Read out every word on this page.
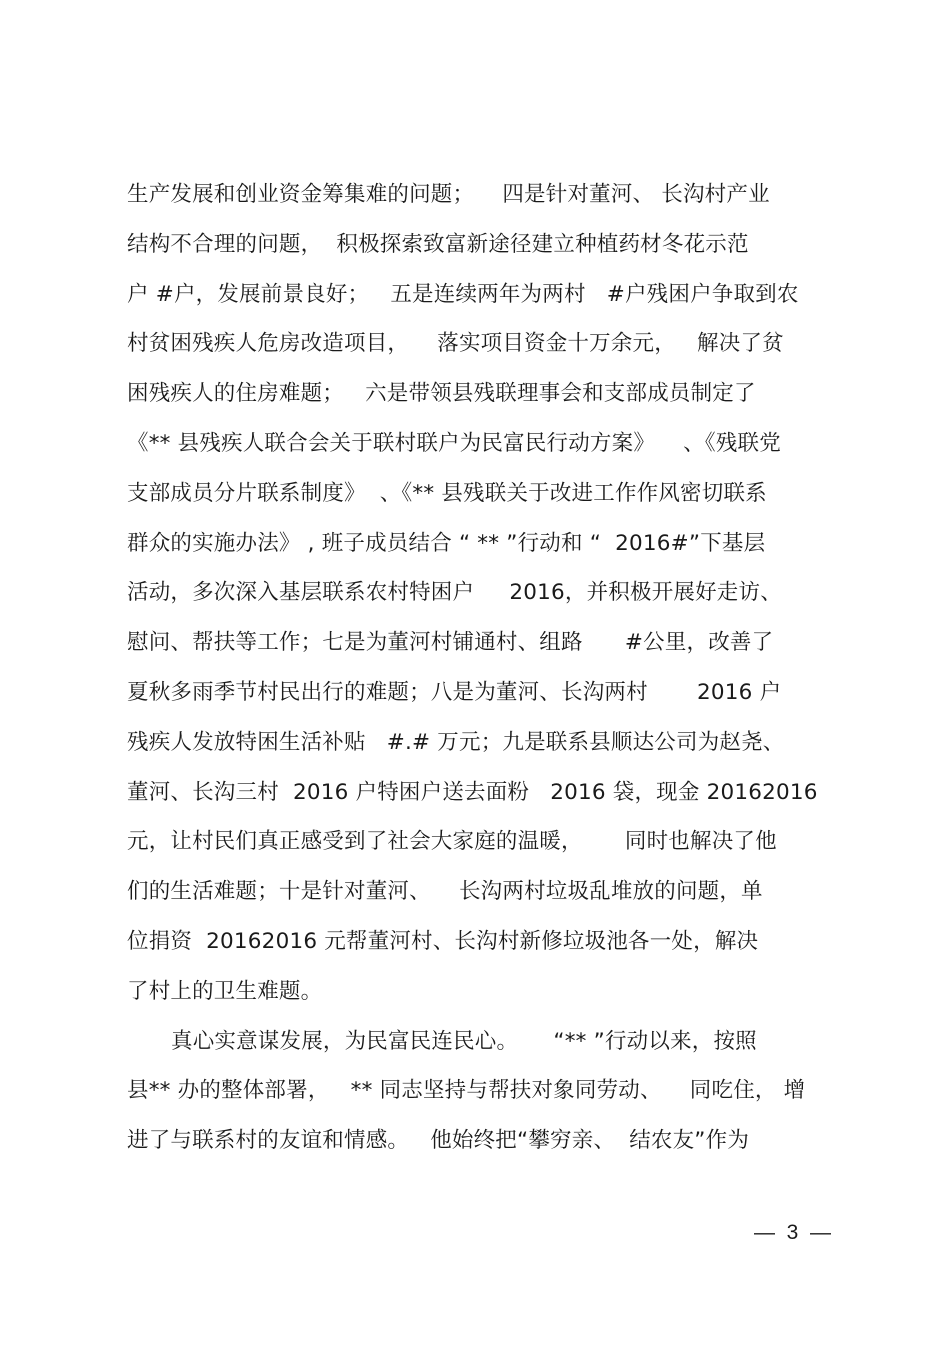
生产发展和创业资金筹集难的问题；    四是针对董河、 长沟村产业
结构不合理的问题，  积极探索致富新途径建立种植药材冬花示范
户 #户，发展前景良好；   五是连续两年为两村   #户残困户争取到农
村贫困残疾人危房改造项目，    落实项目资金十万余元，   解决了贫
困残疾人的住房难题；   六是带领县残联理事会和支部成员制定了
《** 县残疾人联合会关于联村联户为民富民行动方案》    、《残联党
支部成员分片联系制度》  、《** 县残联关于改进工作作风密切联系
群众的实施办法》 , 班子成员结合 “ ** ”行动和 “  2016#”下基层
活动，多次深入基层联系农村特困户     2016，并积极开展好走访、
慰问、帮扶等工作；七是为董河村铺通村、组路      #公里，改善了
夏秋多雨季节村民出行的难题；八是为董河、长沟两村       2016 户
残疾人发放特困生活补贴   #.# 万元；九是联系县顺达公司为赵尧、
董河、长沟三村  2016 户特困户送去面粉   2016 袋，现金 20162016
元，让村民们真正感受到了社会大家庭的温暖，      同时也解决了他
们的生活难题；十是针对董河、    长沟两村垃圾乱堆放的问题，单
位捐资  20162016 元帮董河村、长沟村新修垃圾池各一处，解决
了村上的卫生难题。
真心实意谋发展，为民富民连民心。     “** ”行动以来，按照
县** 办的整体部署，   ** 同志坚持与帮扶对象同劳动、    同吃住， 增
进了与联系村的友谊和情感。   他始终把“攀穷亲、  结农友”作为
—  3  —
